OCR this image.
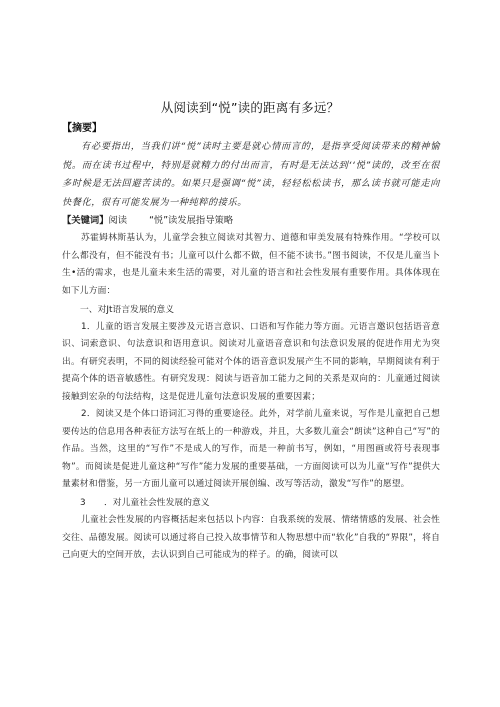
从阅读到“悦”读的距离有多远？
【摘要】

有必要指出，当我们讲“悦”读时主要是就心情而言的，是指享受阅读带来的精神愉悦。而在读书过程中，特别是就精力的付出而言，有时是无法达到‘‘悦”读的，改至在很多时候是无法回避苦读的。如果只是强调“悦”读，轻轻松松读书，那么读书就可能走向快餐化，很有可能发展为一种纯粹的接乐。

【关键词】阅读 “悦”读发展指导策略

苏霍姆林斯基认为，儿童学会独立阅读对其智力、道德和审美发展有特殊作用。“学校可以什么都没有，但不能没有书；儿童可以什么都不做，但不能不读书。”图书阅读，不仅是儿童当卜生•活的需求，也是儿童未来生活的需要，对儿童的语言和社会性发展有重要作用。具体体现在如下儿方面：

一、对Jt语言发展的意义

1．儿童的语言发展主要涉及元语言意识、口语和写作能力等方面。元语言邀识包括语音意识、词索意识、句法意识和语用意识。阅读对儿童语音意识和句法意识发展的促进作用尤为突出。有研究表明，不同的阅读经验可能对个体的语音意识发展产生不同的影响，早期阅读有利于提高个体的语音敏感性。有研究发现：阅读与语音加工能力之间的关系是双向的：儿童通过阅读接触到宏杂的句法结构，这是促进儿童句法意识发展的重要因素；

2．阅读又是个体口语词汇习得的重要途径。此外，对学前儿童来说，写作是儿童把自己想要传达的信息用各种表征方法写在纸上的一种游戏，并且，大多数儿童会“朗读”这种自己“写”的作品。当然，这里的“写作”不是成人的写作，而是一种前书写，例如，“用图画或符号表现事物”。而阅读是促进儿童这种“写作”能力发展的重要基础，一方面阅读可以为儿童“写作”提供大量素材和借鉴，另一方面儿童可以通过阅读开展创编、改写等活动，激发“写作”的愿望。

3 ．对儿童社会性发展的意义

儿童社会性发展的内容概括起来包括以卜内容：自我系统的发展、情绪情感的发展、社会性交往、品德发展。阅读可以通过将自己投入故事情节和人物思想中而“软化”自我的“界限”，将自己向更大的空间开放，去认识到自己可能成为的样子。的确，阅读可以
